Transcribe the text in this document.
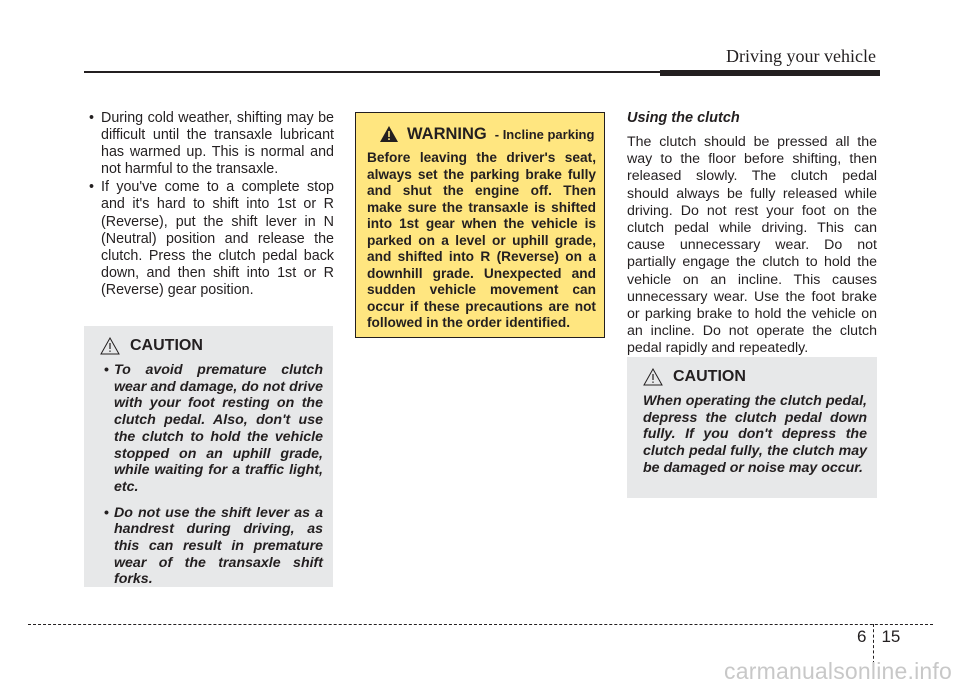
Driving your vehicle
• During cold weather, shifting may be difficult until the transaxle lubricant has warmed up. This is normal and not harmful to the transaxle.
• If you've come to a complete stop and it's hard to shift into 1st or R (Reverse), put the shift lever in N (Neutral) position and release the clutch. Press the clutch pedal back down, and then shift into 1st or R (Reverse) gear position.
CAUTION
• To avoid premature clutch wear and damage, do not drive with your foot resting on the clutch pedal. Also, don't use the clutch to hold the vehicle stopped on an uphill grade, while waiting for a traffic light, etc.
• Do not use the shift lever as a handrest during driving, as this can result in premature wear of the transaxle shift forks.
WARNING - Incline parking

Before leaving the driver's seat, always set the parking brake fully and shut the engine off. Then make sure the transaxle is shifted into 1st gear when the vehicle is parked on a level or uphill grade, and shifted into R (Reverse) on a downhill grade. Unexpected and sudden vehicle movement can occur if these precautions are not followed in the order identified.

Using the clutch

The clutch should be pressed all the way to the floor before shifting, then released slowly. The clutch pedal should always be fully released while driving. Do not rest your foot on the clutch pedal while driving. This can cause unnecessary wear. Do not partially engage the clutch to hold the vehicle on an incline. This causes unnecessary wear. Use the foot brake or parking brake to hold the vehicle on an incline. Do not operate the clutch pedal rapidly and repeatedly.

CAUTION

When operating the clutch pedal, depress the clutch pedal down fully. If you don't depress the clutch pedal fully, the clutch may be damaged or noise may occur.

6 15
carmanualsonline.info
